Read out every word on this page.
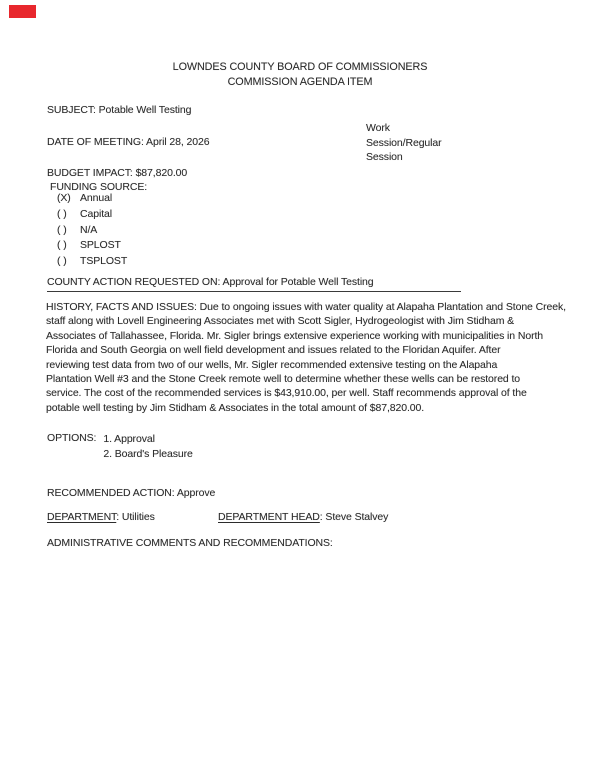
LOWNDES COUNTY BOARD OF COMMISSIONERS
COMMISSION AGENDA ITEM
SUBJECT: Potable Well Testing
Work
Session/Regular
Session
DATE OF MEETING: April 28, 2026
BUDGET IMPACT: $87,820.00
FUNDING SOURCE:
(X) Annual
( )	Capital
( )	N/A
( )	SPLOST
( )	TSPLOST
COUNTY ACTION REQUESTED ON: Approval for Potable Well Testing
HISTORY, FACTS AND ISSUES: Due to ongoing issues with water quality at Alapaha Plantation and Stone Creek,
staff along with Lovell Engineering Associates met with Scott Sigler, Hydrogeologist with Jim Stidham &
Associates of Tallahassee, Florida. Mr. Sigler brings extensive experience working with municipalities in North
Florida and South Georgia on well field development and issues related to the Floridan Aquifer. After
reviewing test data from two of our wells, Mr. Sigler recommended extensive testing on the Alapaha
Plantation Well #3 and the Stone Creek remote well to determine whether these wells can be restored to
service. The cost of the recommended services is $43,910.00, per well. Staff recommends approval of the
potable well testing by Jim Stidham & Associates in the total amount of $87,820.00.
OPTIONS: 1. Approval
2. Board's Pleasure
RECOMMENDED ACTION: Approve
DEPARTMENT: Utilities	DEPARTMENT HEAD: Steve Stalvey
ADMINISTRATIVE COMMENTS AND RECOMMENDATIONS:
